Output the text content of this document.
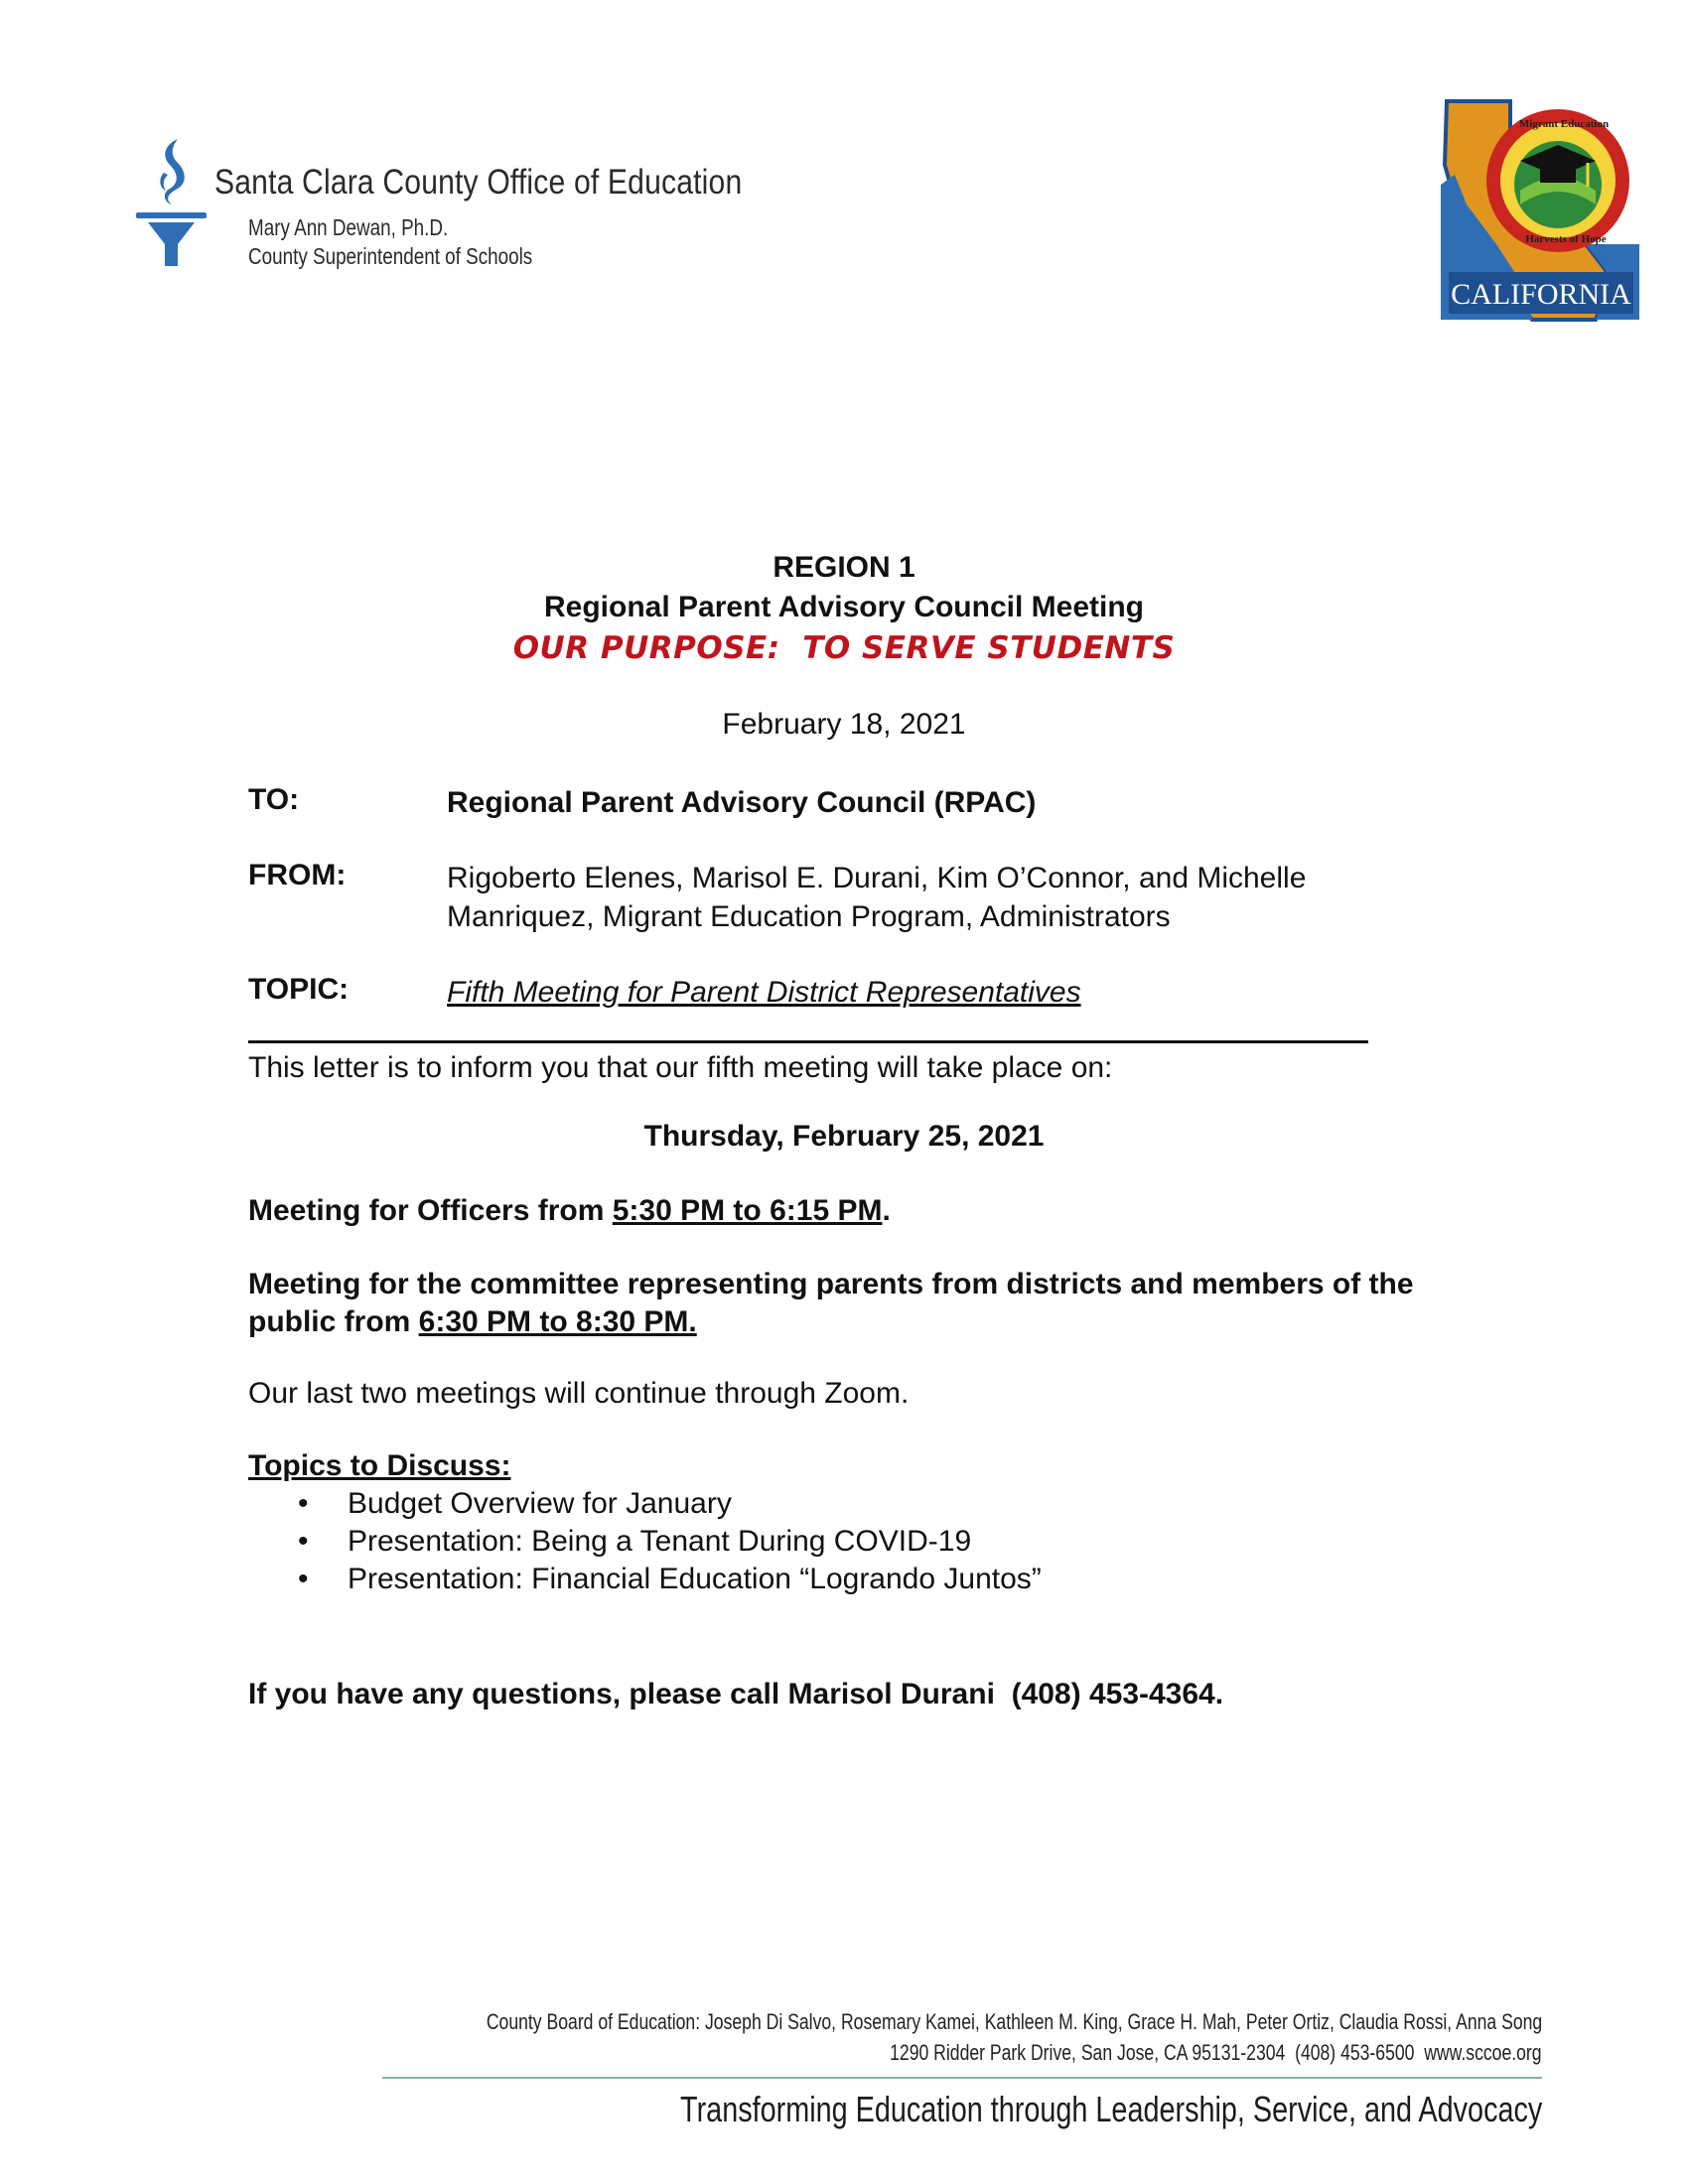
Santa Clara County Office of Education
Mary Ann Dewan, Ph.D.
County Superintendent of Schools
CALIFORNIA
Migrant Education
Harvests of Hope
REGION 1
Regional Parent Advisory Council Meeting
OUR PURPOSE:  TO SERVE STUDENTS
February 18, 2021
TO:	Regional Parent Advisory Council (RPAC)
FROM:	Rigoberto Elenes, Marisol E. Durani, Kim O’Connor, and Michelle Manriquez, Migrant Education Program, Administrators
TOPIC:	Fifth Meeting for Parent District Representatives
This letter is to inform you that our fifth meeting will take place on:
Thursday, February 25, 2021
Meeting for Officers from 5:30 PM to 6:15 PM.
Meeting for the committee representing parents from districts and members of the public from 6:30 PM to 8:30 PM.
Our last two meetings will continue through Zoom.
Topics to Discuss:
• Budget Overview for January
• Presentation: Being a Tenant During COVID-19
• Presentation: Financial Education “Logrando Juntos”
If you have any questions, please call Marisol Durani  (408) 453-4364.
County Board of Education: Joseph Di Salvo, Rosemary Kamei, Kathleen M. King, Grace H. Mah, Peter Ortiz, Claudia Rossi, Anna Song
1290 Ridder Park Drive, San Jose, CA 95131-2304  (408) 453-6500  www.sccoe.org
Transforming Education through Leadership, Service, and Advocacy
